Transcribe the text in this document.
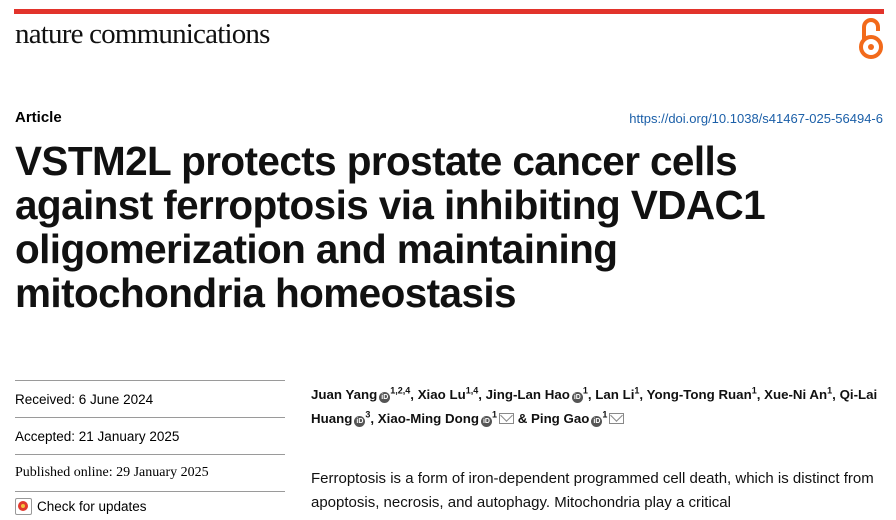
nature communications
Article	https://doi.org/10.1038/s41467-025-56494-6
VSTM2L protects prostate cancer cells against ferroptosis via inhibiting VDAC1 oligomerization and maintaining mitochondria homeostasis
Received: 6 June 2024
Accepted: 21 January 2025
Published online: 29 January 2025
Check for updates
Juan Yang iD$^{1,2,4}$, Xiao Lu$^{1,4}$, Jing-Lan Hao $iD^1$, Lan Li$^1$, Yong-Tong Ruan$^1$, Xue-Ni An$^1$, Qi-Lai Huang $iD^3$, Xiao-Ming Dong $iD^1$ & Ping Gao $iD^1$

Ferroptosis is a form of iron-dependent programmed cell death, which is distinct from apoptosis, necrosis, and autophagy. Mitochondria play a critical
